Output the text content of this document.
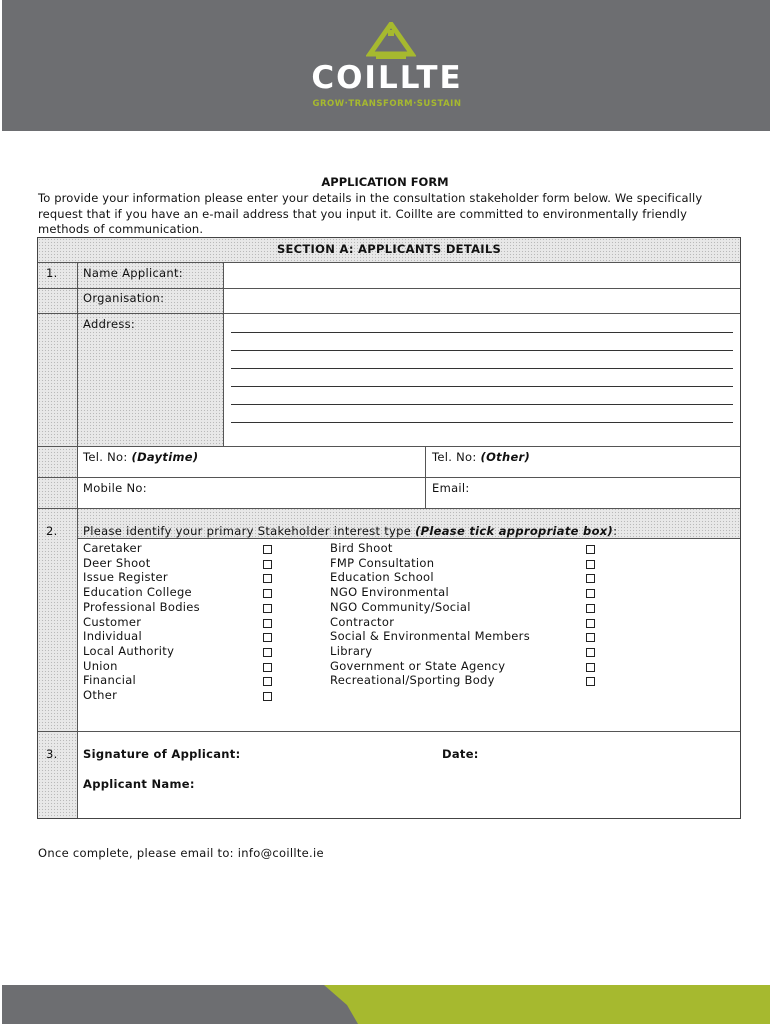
COILLTE
GROW·TRANSFORM·SUSTAIN
APPLICATION FORM
To provide your information please enter your details in the consultation stakeholder form below. We specifically request that if you have an e-mail address that you input it. Coillte are committed to environmentally friendly methods of communication.
SECTION A: APPLICANTS DETAILS
1. Name Applicant:
Organisation:
Address:
Tel. No: (Daytime)	Tel. No: (Other)
Mobile No:	Email:
2. Please identify your primary Stakeholder interest type (Please tick appropriate box):
Caretaker
Deer Shoot
Issue Register
Education College
Professional Bodies
Customer
Individual
Local Authority
Union
Financial
Other
Bird Shoot
FMP Consultation
Education School
NGO Environmental
NGO Community/Social
Contractor
Social & Environmental Members
Library
Government or State Agency
Recreational/Sporting Body
3. Signature of Applicant:	Date:
Applicant Name:
Once complete, please email to: info@coillte.ie
